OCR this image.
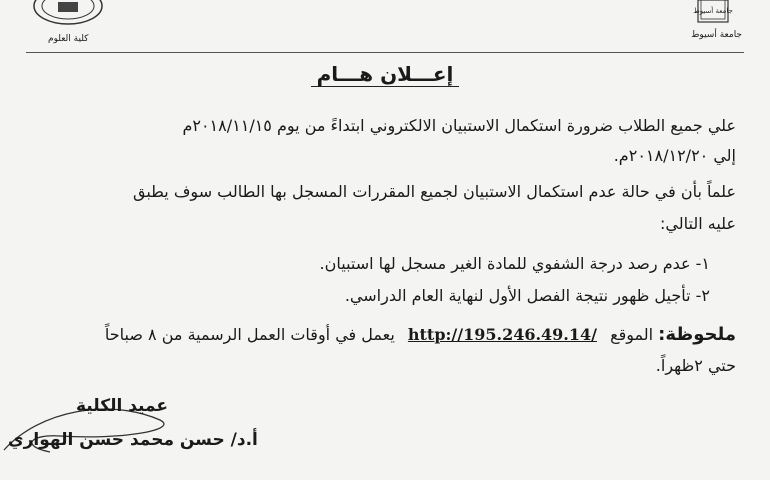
كلية العلوم
جامعة أسيوط
جامعة أسيوط
إعـــلان هـــام
علي جميع الطلاب ضرورة استكمال الاستبيان الالكتروني ابتداءً من يوم ٢٠١٨/١١/١٥م
إلي ٢٠١٨/١٢/٢٠م.
علماً بأن في حالة عدم استكمال الاستبيان لجميع المقررات المسجل بها الطالب سوف يطبق
عليه التالي:
١- عدم رصد درجة الشفوي للمادة الغير مسجل لها استبيان.
٢- تأجيل ظهور نتيجة الفصل الأول لنهاية العام الدراسي.
ملحوظة: الموقع http://195.246.49.14/ يعمل في أوقات العمل الرسمية من ٨ صباحاً
حتي ٢ظهراً.
عميد الكلية
أ.د/ حسن محمد حسن الهواري
